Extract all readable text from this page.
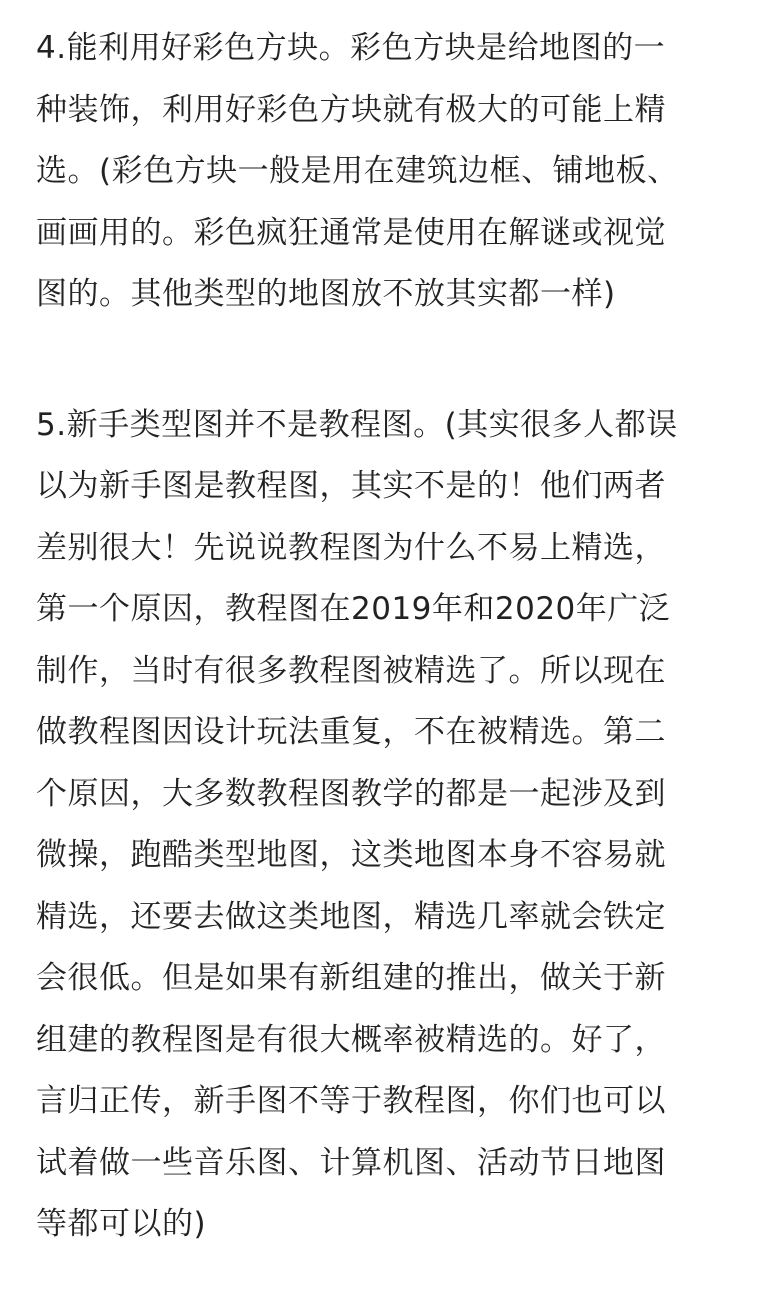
4.能利用好彩色方块。彩色方块是给地图的一
种装饰，利用好彩色方块就有极大的可能上精
选。(彩色方块一般是用在建筑边框、铺地板、
画画用的。彩色疯狂通常是使用在解谜或视觉
图的。其他类型的地图放不放其实都一样)

5.新手类型图并不是教程图。(其实很多人都误
以为新手图是教程图，其实不是的！他们两者
差别很大！先说说教程图为什么不易上精选，
第一个原因，教程图在2019年和2020年广泛
制作，当时有很多教程图被精选了。所以现在
做教程图因设计玩法重复，不在被精选。第二
个原因，大多数教程图教学的都是一起涉及到
微操，跑酷类型地图，这类地图本身不容易就
精选，还要去做这类地图，精选几率就会铁定
会很低。但是如果有新组建的推出，做关于新
组建的教程图是有很大概率被精选的。好了，
言归正传，新手图不等于教程图，你们也可以
试着做一些音乐图、计算机图、活动节日地图
等都可以的)
